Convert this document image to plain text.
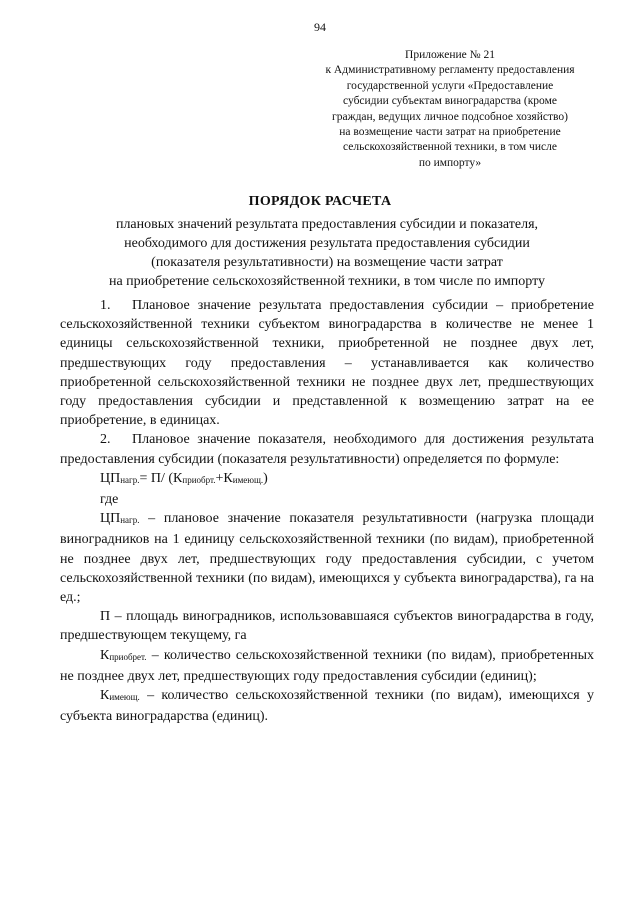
94
Приложение № 21
к Административному регламенту предоставления
государственной услуги «Предоставление
субсидии субъектам виноградарства (кроме
граждан, ведущих личное подсобное хозяйство)
на возмещение части затрат на приобретение
сельскохозяйственной техники, в том числе
по импорту»
ПОРЯДОК РАСЧЕТА
плановых значений результата предоставления субсидии и показателя,
необходимого для достижения результата предоставления субсидии
(показателя результативности) на возмещение части затрат
на приобретение сельскохозяйственной техники, в том числе по импорту

1. Плановое значение результата предоставления субсидии – приобретение сельскохозяйственной техники субъектом виноградарства в количестве не менее 1 единицы сельскохозяйственной техники, приобретенной не позднее двух лет, предшествующих году предоставления – устанавливается как количество приобретенной сельскохозяйственной техники не позднее двух лет, предшествующих году предоставления субсидии и представленной к возмещению затрат на ее приобретение, в единицах.

2. Плановое значение показателя, необходимого для достижения результата предоставления субсидии (показателя результативности) определяется по формуле:

ЦПнагр.= П/ (Кприобрт.+Кимеющ.)

где

ЦПнагр. – плановое значение показателя результативности (нагрузка площади виноградников на 1 единицу сельскохозяйственной техники (по видам), приобретенной не позднее двух лет, предшествующих году предоставления субсидии, с учетом сельскохозяйственной техники (по видам), имеющихся у субъекта виноградарства), га на ед.;

П – площадь виноградников, использовавшаяся субъектов виноградарства в году, предшествующем текущему, га

Кприобрет. – количество сельскохозяйственной техники (по видам), приобретенных не позднее двух лет, предшествующих году предоставления субсидии (единиц);

Кимеющ. – количество сельскохозяйственной техники (по видам), имеющихся у субъекта виноградарства (единиц).
